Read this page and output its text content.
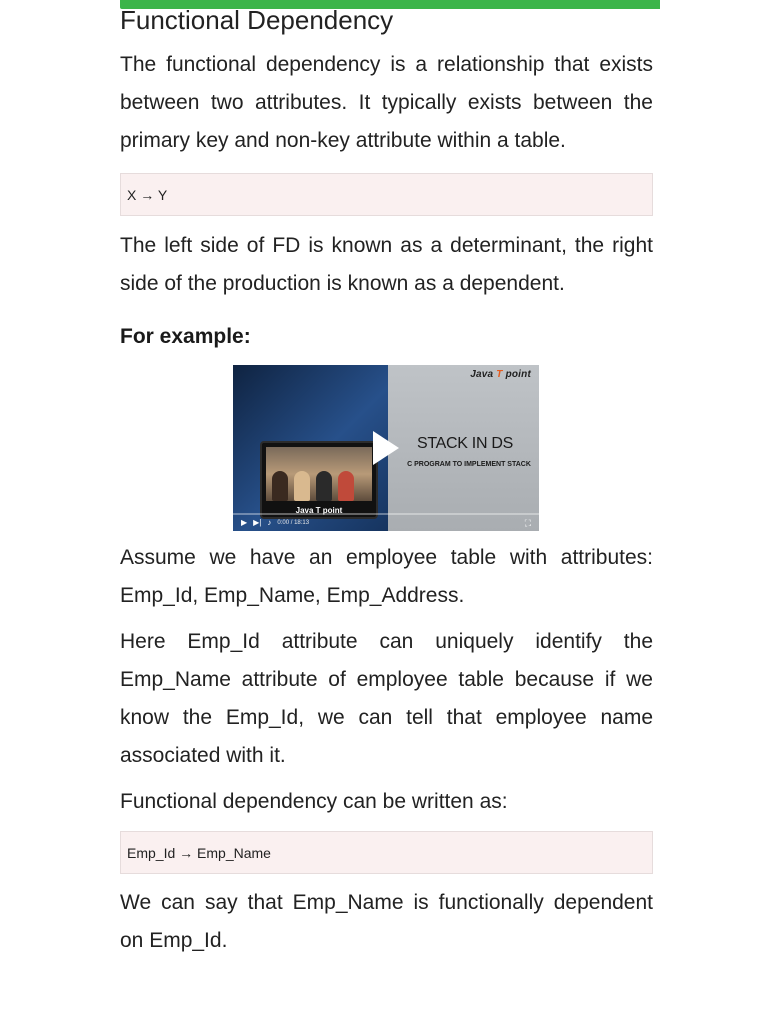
Functional Dependency

The functional dependency is a relationship that exists between two attributes. It typically exists between the primary key and non-key attribute within a table.

X → Y

The left side of FD is known as a determinant, the right side of the production is known as a dependent.

For example:
Java T point
STACK IN DS
C PROGRAM TO IMPLEMENT STACK
Java T point
▶ ▶| ♪ 0:00 / 18:13	⛶

Assume we have an employee table with attributes: Emp_Id, Emp_Name, Emp_Address.

Here Emp_Id attribute can uniquely identify the Emp_Name attribute of employee table because if we know the Emp_Id, we can tell that employee name associated with it.

Functional dependency can be written as:

Emp_Id → Emp_Name

We can say that Emp_Name is functionally dependent on Emp_Id.
